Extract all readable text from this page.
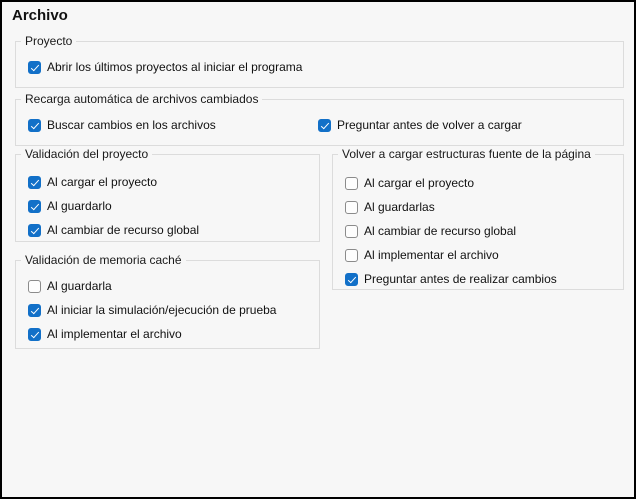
Archivo
Proyecto
Abrir los últimos proyectos al iniciar el programa
Recarga automática de archivos cambiados
Buscar cambios en los archivos	Preguntar antes de volver a cargar
Validación del proyecto
Al cargar el proyecto
Al guardarlo
Al cambiar de recurso global
Volver a cargar estructuras fuente de la página
Al cargar el proyecto
Al guardarlas
Al cambiar de recurso global
Al implementar el archivo
Preguntar antes de realizar cambios
Validación de memoria caché
Al guardarla
Al iniciar la simulación/ejecución de prueba
Al implementar el archivo
